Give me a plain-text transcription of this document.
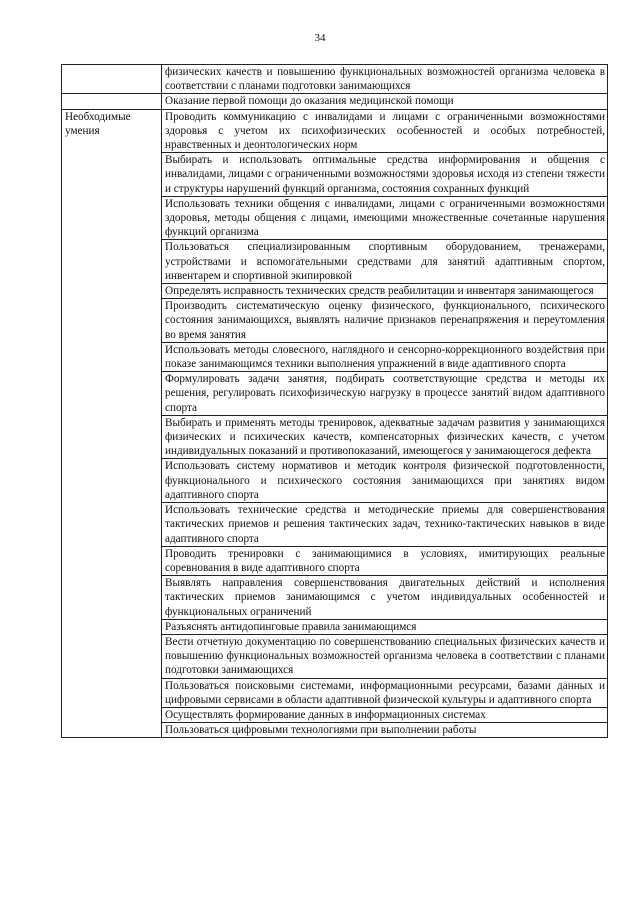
34
	физических качеств и повышению функциональных возможностей организма человека в соответствии с планами подготовки занимающихся
	Оказание первой помощи до оказания медицинской помощи
Необходимые умения	Проводить коммуникацию с инвалидами и лицами с ограниченными возможностями здоровья с учетом их психофизических особенностей и особых потребностей, нравственных и деонтологических норм
	Выбирать и использовать оптимальные средства информирования и общения с инвалидами, лицами с ограниченными возможностями здоровья исходя из степени тяжести и структуры нарушений функций организма, состояния сохранных функций
	Использовать техники общения с инвалидами, лицами с ограниченными возможностями здоровья, методы общения с лицами, имеющими множественные сочетанные нарушения функций организма
	Пользоваться специализированным спортивным оборудованием, тренажерами, устройствами и вспомогательными средствами для занятий адаптивным спортом, инвентарем и спортивной экипировкой
	Определять исправность технических средств реабилитации и инвентаря занимающегося
	Производить систематическую оценку физического, функционального, психического состояния занимающихся, выявлять наличие признаков перенапряжения и переутомления во время занятия
	Использовать методы словесного, наглядного и сенсорно-коррекционного воздействия при показе занимающимся техники выполнения упражнений в виде адаптивного спорта
	Формулировать задачи занятия, подбирать соответствующие средства и методы их решения, регулировать психофизическую нагрузку в процессе занятий видом адаптивного спорта
	Выбирать и применять методы тренировок, адекватные задачам развития у занимающихся физических и психических качеств, компенсаторных физических качеств, с учетом индивидуальных показаний и противопоказаний, имеющегося у занимающегося дефекта
	Использовать систему нормативов и методик контроля физической подготовленности, функционального и психического состояния занимающихся при занятиях видом адаптивного спорта
	Использовать технические средства и методические приемы для совершенствования тактических приемов и решения тактических задач, технико-тактических навыков в виде адаптивного спорта
	Проводить тренировки с занимающимися в условиях, имитирующих реальные соревнования в виде адаптивного спорта
	Выявлять направления совершенствования двигательных действий и исполнения тактических приемов занимающимся с учетом индивидуальных особенностей и функциональных ограничений
	Разъяснять антидопинговые правила занимающимся
	Вести отчетную документацию по совершенствованию специальных физических качеств и повышению функциональных возможностей организма человека в соответствии с планами подготовки занимающихся
	Пользоваться поисковыми системами, информационными ресурсами, базами данных и цифровыми сервисами в области адаптивной физической культуры и адаптивного спорта
	Осуществлять формирование данных в информационных системах
	Пользоваться цифровыми технологиями при выполнении работы
